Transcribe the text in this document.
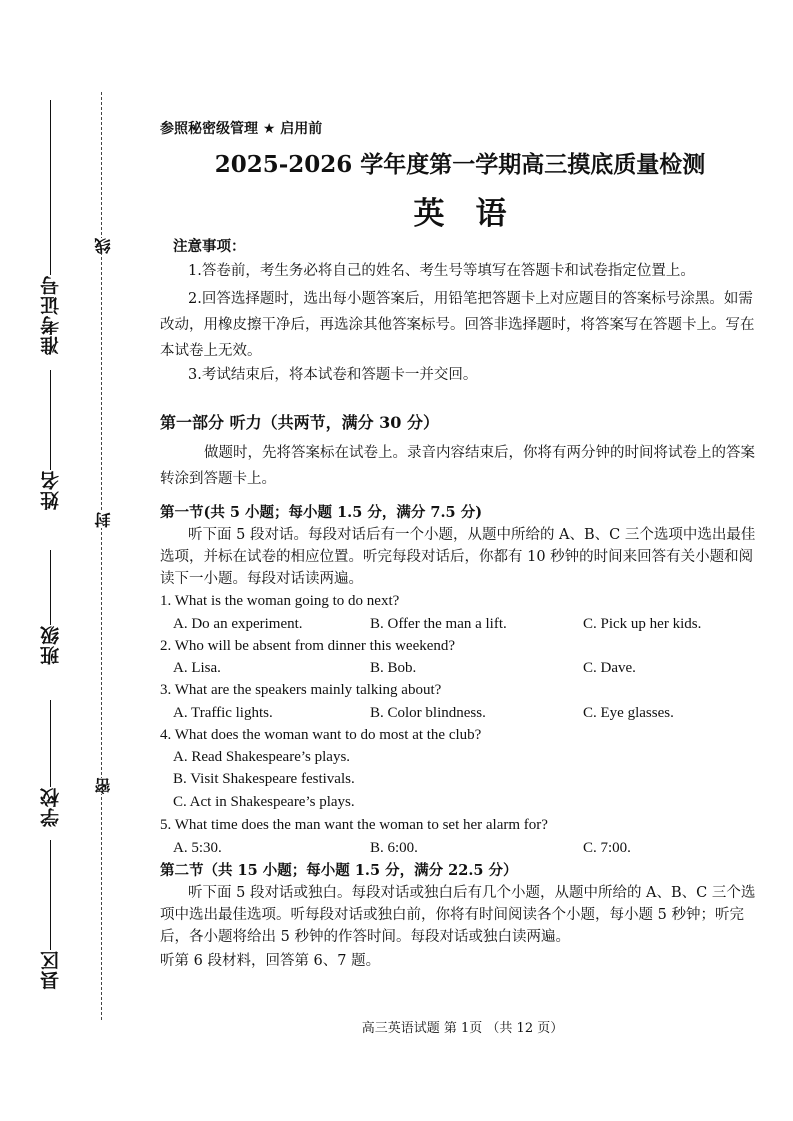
线
封
密
准考证号
姓名
班级
学校
县区
参照秘密级管理 ★ 启用前
2025-2026 学年度第一学期高三摸底质量检测
英　语
注意事项：
1.答卷前，考生务必将自己的姓名、考生号等填写在答题卡和试卷指定位置上。
2.回答选择题时，选出每小题答案后，用铅笔把答题卡上对应题目的答案标号涂黑。如需改动，用橡皮擦干净后，再选涂其他答案标号。回答非选择题时，将答案写在答题卡上。写在本试卷上无效。
3.考试结束后，将本试卷和答题卡一并交回。
第一部分 听力（共两节，满分 30 分）
做题时，先将答案标在试卷上。录音内容结束后，你将有两分钟的时间将试卷上的答案转涂到答题卡上。
第一节(共 5 小题；每小题 1.5 分，满分 7.5 分)
听下面 5 段对话。每段对话后有一个小题，从题中所给的 A、B、C 三个选项中选出最佳选项，并标在试卷的相应位置。听完每段对话后，你都有 10 秒钟的时间来回答有关小题和阅读下一小题。每段对话读两遍。
1. What is the woman going to do next?
A. Do an experiment.	B. Offer the man a lift.	C. Pick up her kids.
2. Who will be absent from dinner this weekend?
A. Lisa.	B. Bob.	C. Dave.
3. What are the speakers mainly talking about?
A. Traffic lights.	B. Color blindness.	C. Eye glasses.
4. What does the woman want to do most at the club?
A. Read Shakespeare’s plays.
B. Visit Shakespeare festivals.
C. Act in Shakespeare’s plays.
5. What time does the man want the woman to set her alarm for?
A. 5:30.	B. 6:00.	C. 7:00.
第二节（共 15 小题；每小题 1.5 分，满分 22.5 分）
听下面 5 段对话或独白。每段对话或独白后有几个小题，从题中所给的 A、B、C 三个选项中选出最佳选项。听每段对话或独白前，你将有时间阅读各个小题，每小题 5 秒钟；听完后，各小题将给出 5 秒钟的作答时间。每段对话或独白读两遍。
听第 6 段材料，回答第 6、7 题。
高三英语试题 第 1页 （共 12 页）
